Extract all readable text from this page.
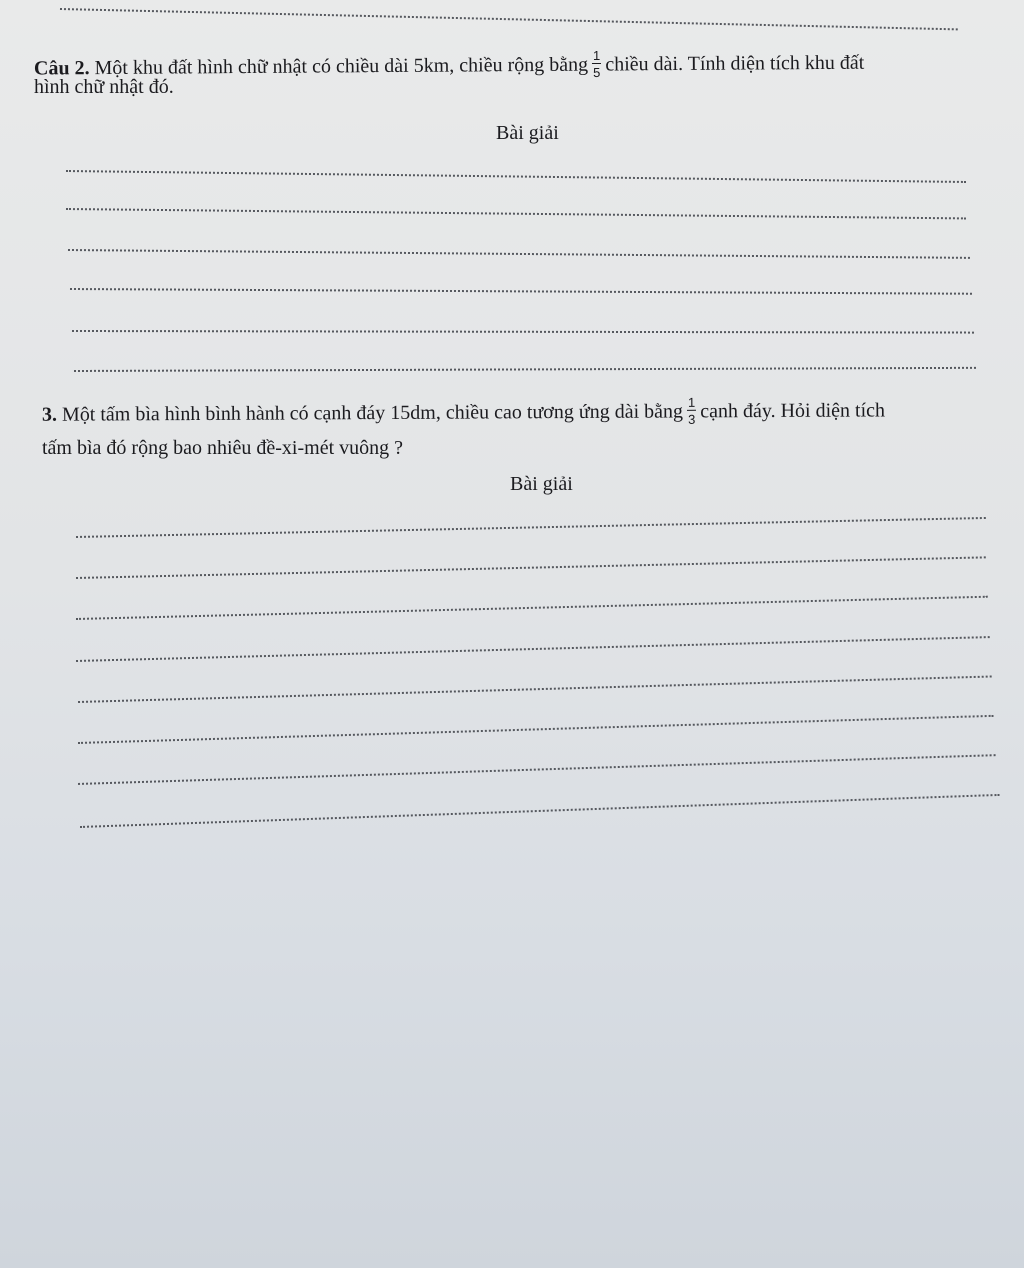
Câu 2. Một khu đất hình chữ nhật có chiều dài 5km, chiều rộng bằng $\frac{1}{5}$ chiều dài. Tính diện tích khu đất
hình chữ nhật đó.
Bài giải
3. Một tấm bìa hình bình hành có cạnh đáy 15dm, chiều cao tương ứng dài bằng $\frac{1}{3}$ cạnh đáy. Hỏi diện tích
tấm bìa đó rộng bao nhiêu đề-xi-mét vuông ?
Bài giải
